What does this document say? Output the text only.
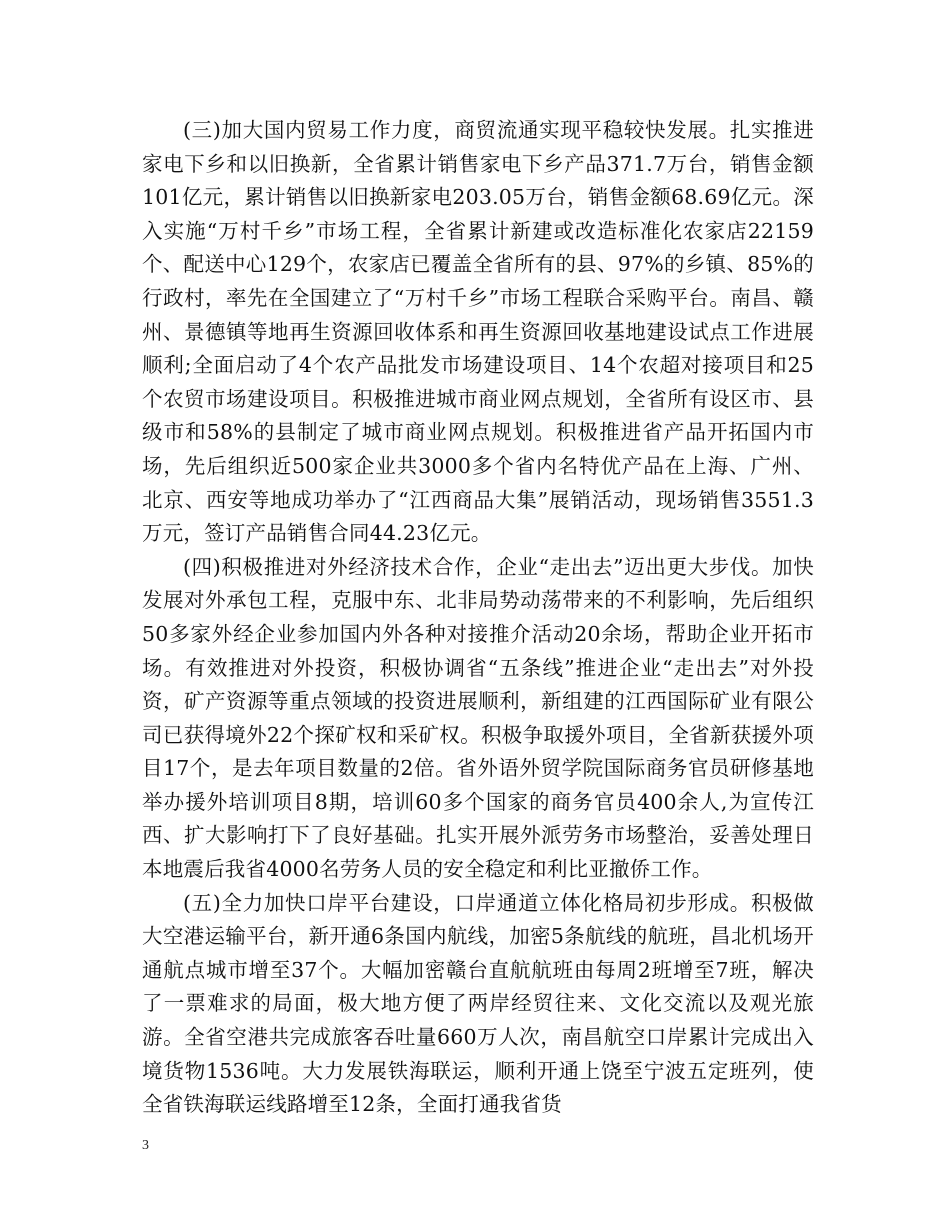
(三)加大国内贸易工作力度，商贸流通实现平稳较快发展。扎实推进家电下乡和以旧换新，全省累计销售家电下乡产品371.7万台，销售金额101亿元，累计销售以旧换新家电203.05万台，销售金额68.69亿元。深入实施“万村千乡”市场工程，全省累计新建或改造标准化农家店22159个、配送中心129个，农家店已覆盖全省所有的县、97%的乡镇、85%的行政村，率先在全国建立了“万村千乡”市场工程联合采购平台。南昌、赣州、景德镇等地再生资源回收体系和再生资源回收基地建设试点工作进展顺利;全面启动了4个农产品批发市场建设项目、14个农超对接项目和25个农贸市场建设项目。积极推进城市商业网点规划，全省所有设区市、县级市和58%的县制定了城市商业网点规划。积极推进省产品开拓国内市场，先后组织近500家企业共3000多个省内名特优产品在上海、广州、北京、西安等地成功举办了“江西商品大集”展销活动，现场销售3551.3万元，签订产品销售合同44.23亿元。

(四)积极推进对外经济技术合作，企业“走出去”迈出更大步伐。加快发展对外承包工程，克服中东、北非局势动荡带来的不利影响，先后组织50多家外经企业参加国内外各种对接推介活动20余场，帮助企业开拓市场。有效推进对外投资，积极协调省“五条线”推进企业“走出去”对外投资，矿产资源等重点领域的投资进展顺利，新组建的江西国际矿业有限公司已获得境外22个探矿权和采矿权。积极争取援外项目，全省新获援外项目17个，是去年项目数量的2倍。省外语外贸学院国际商务官员研修基地举办援外培训项目8期，培训60多个国家的商务官员400余人,为宣传江西、扩大影响打下了良好基础。扎实开展外派劳务市场整治，妥善处理日本地震后我省4000名劳务人员的安全稳定和利比亚撤侨工作。

(五)全力加快口岸平台建设，口岸通道立体化格局初步形成。积极做大空港运输平台，新开通6条国内航线，加密5条航线的航班，昌北机场开通航点城市增至37个。大幅加密赣台直航航班由每周2班增至7班，解决了一票难求的局面，极大地方便了两岸经贸往来、文化交流以及观光旅游。全省空港共完成旅客吞吐量660万人次，南昌航空口岸累计完成出入境货物1536吨。大力发展铁海联运，顺利开通上饶至宁波五定班列，使全省铁海联运线路增至12条，全面打通我省货

3
